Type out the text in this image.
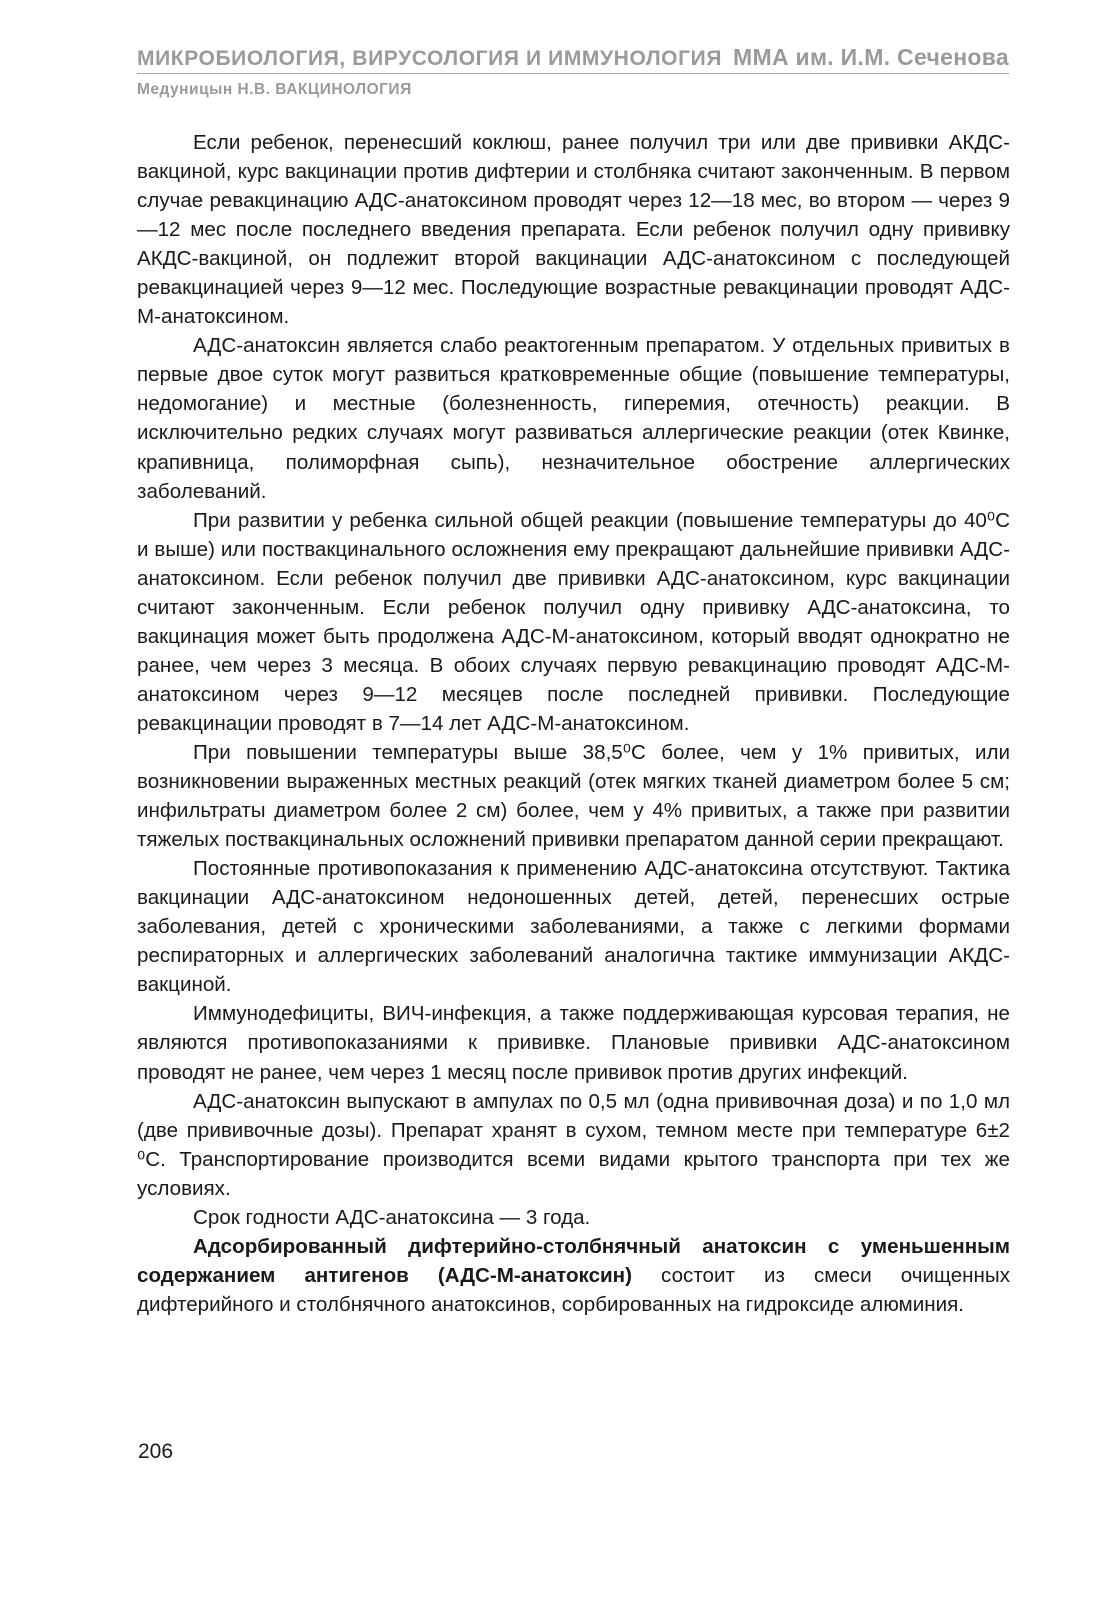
МИКРОБИОЛОГИЯ, ВИРУСОЛОГИЯ И ИММУНОЛОГИЯ ММА им. И.М. Сеченова
Медуницын Н.В. ВАКЦИНОЛОГИЯ

Если ребенок, перенесший коклюш, ранее получил три или две прививки АКДС-вакциной, курс вакцинации против дифтерии и столбняка считают законченным. В первом случае ревакцинацию АДС-анатоксином проводят через 12—18 мес, во втором — через 9—12 мес после последнего введения препарата. Если ребенок получил одну прививку АКДС-вакциной, он подлежит второй вакцинации АДС-анатоксином с последующей ревакцинацией через 9—12 мес. Последующие возрастные ревакцинации проводят АДС-М-анатоксином.

АДС-анатоксин является слабо реактогенным препаратом. У отдельных привитых в первые двое суток могут развиться кратковременные общие (повышение температуры, недомогание) и местные (болезненность, гиперемия, отечность) реакции. В исключительно редких случаях могут развиваться аллергические реакции (отек Квинке, крапивница, полиморфная сыпь), незначительное обострение аллергических заболеваний.

При развитии у ребенка сильной общей реакции (повышение температуры до 40⁰С и выше) или поствакцинального осложнения ему прекращают дальнейшие прививки АДС-анатоксином. Если ребенок получил две прививки АДС-анатоксином, курс вакцинации считают законченным. Если ребенок получил одну прививку АДС-анатоксина, то вакцинация может быть продолжена АДС-М-анатоксином, который вводят однократно не ранее, чем через 3 месяца. В обоих случаях первую ревакцинацию проводят АДС-М-анатоксином через 9—12 месяцев после последней прививки. Последующие ревакцинации проводят в 7—14 лет АДС-М-анатоксином.

При повышении температуры выше 38,5⁰С более, чем у 1% привитых, или возникновении выраженных местных реакций (отек мягких тканей диаметром более 5 см; инфильтраты диаметром более 2 см) более, чем у 4% привитых, а также при развитии тяжелых поствакцинальных осложнений прививки препаратом данной серии прекращают.

Постоянные противопоказания к применению АДС-анатоксина отсутствуют. Тактика вакцинации АДС-анатоксином недоношенных детей, детей, перенесших острые заболевания, детей с хроническими заболеваниями, а также с легкими формами респираторных и аллергических заболеваний аналогична тактике иммунизации АКДС-вакциной.

Иммунодефициты, ВИЧ-инфекция, а также поддерживающая курсовая терапия, не являются противопоказаниями к прививке. Плановые прививки АДС-анатоксином проводят не ранее, чем через 1 месяц после прививок против других инфекций.

АДС-анатоксин выпускают в ампулах по 0,5 мл (одна прививочная доза) и по 1,0 мл (две прививочные дозы). Препарат хранят в сухом, темном месте при температуре 6±2 ⁰С. Транспортирование производится всеми видами крытого транспорта при тех же условиях.

Срок годности АДС-анатоксина — 3 года.

Адсорбированный дифтерийно-столбнячный анатоксин с уменьшенным содержанием антигенов (АДС-М-анатоксин) состоит из смеси очищенных дифтерийного и столбнячного анатоксинов, сорбированных на гидроксиде алюминия.

206
